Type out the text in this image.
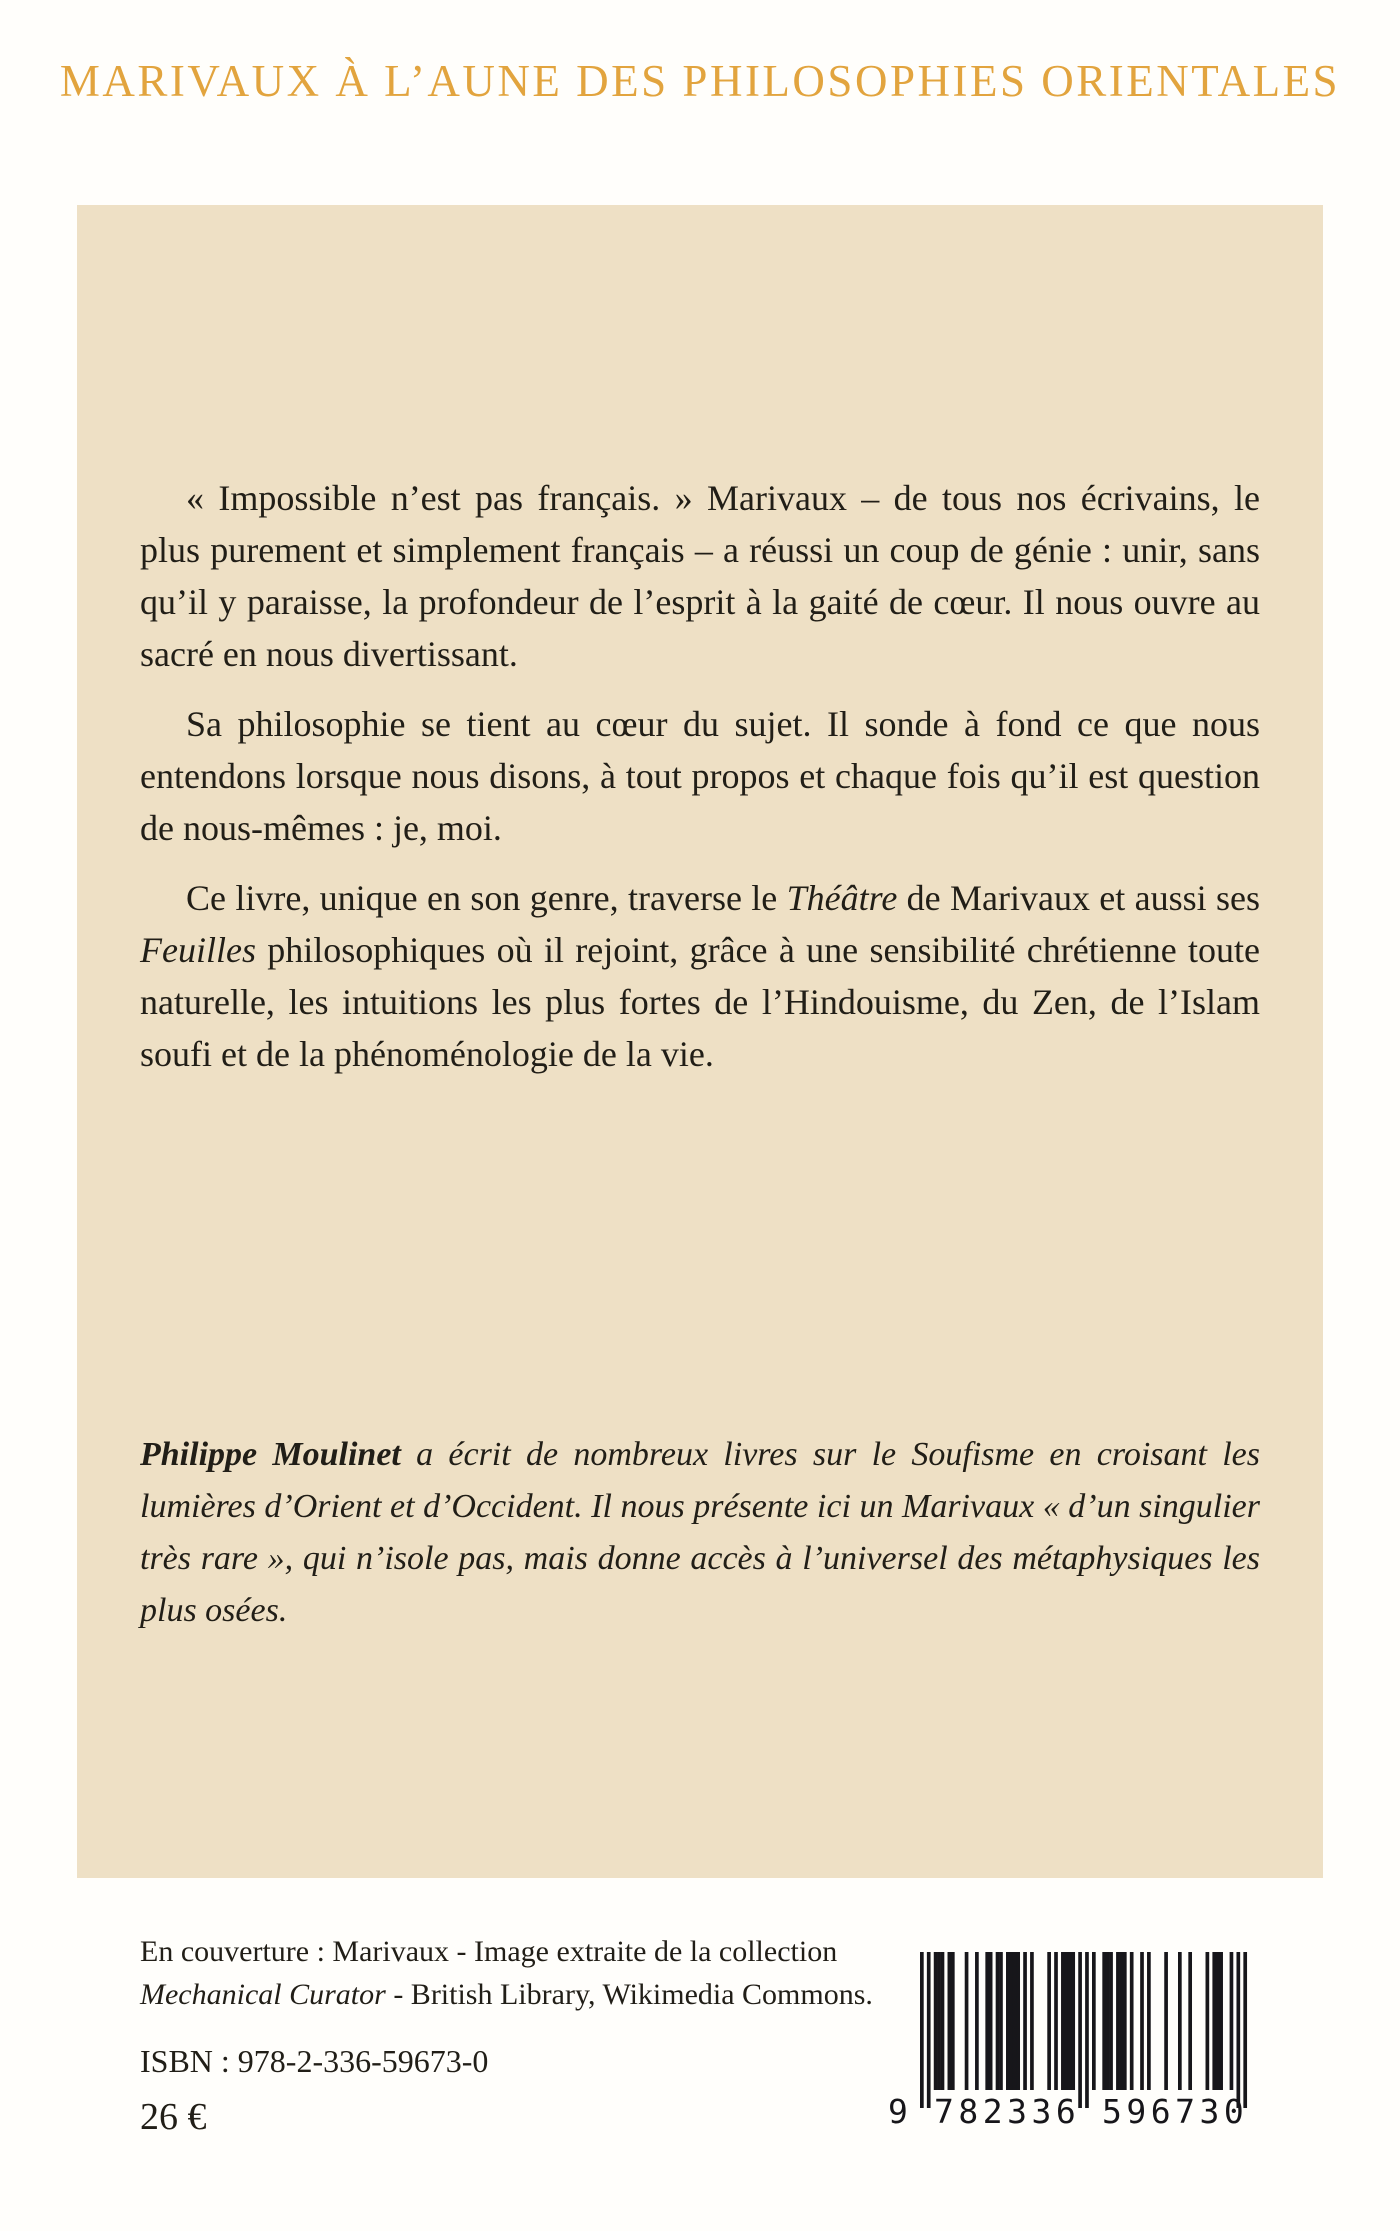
MARIVAUX À L’AUNE DES PHILOSOPHIES ORIENTALES

« Impossible n’est pas français. » Marivaux – de tous nos écrivains, le plus purement et simplement français – a réussi un coup de génie : unir, sans qu’il y paraisse, la profondeur de l’esprit à la gaité de cœur. Il nous ouvre au sacré en nous divertissant.

Sa philosophie se tient au cœur du sujet. Il sonde à fond ce que nous entendons lorsque nous disons, à tout propos et chaque fois qu’il est question de nous-mêmes : je, moi.

Ce livre, unique en son genre, traverse le Théâtre de Marivaux et aussi ses Feuilles philosophiques où il rejoint, grâce à une sensibilité chrétienne toute naturelle, les intuitions les plus fortes de l’Hindouisme, du Zen, de l’Islam soufi et de la phénoménologie de la vie.

Philippe Moulinet a écrit de nombreux livres sur le Soufisme en croisant les lumières d’Orient et d’Occident. Il nous présente ici un Marivaux « d’un singulier très rare », qui n’isole pas, mais donne accès à l’universel des métaphysiques les plus osées.

En couverture : Marivaux - Image extraite de la collection
Mechanical Curator - British Library, Wikimedia Commons.

ISBN : 978-2-336-59673-0

26 €	9 782336 596730
